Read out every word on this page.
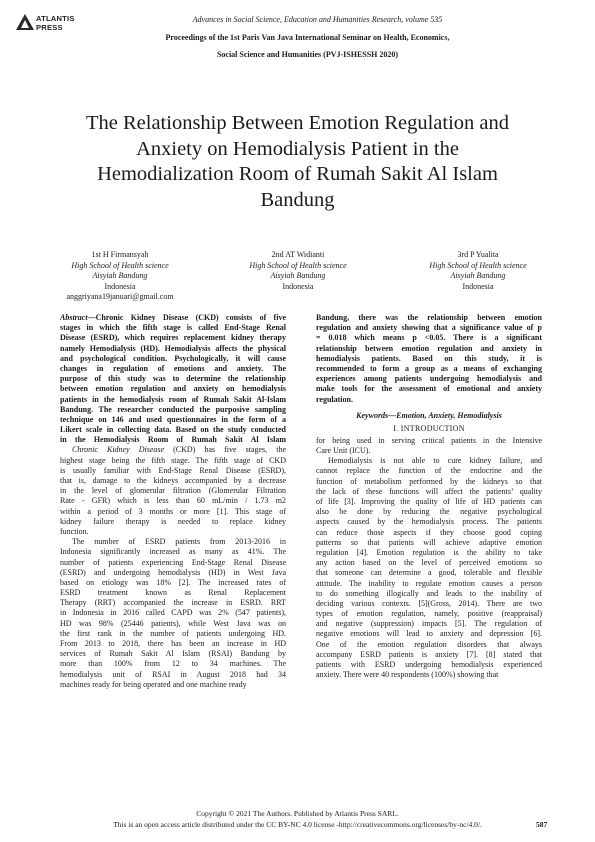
ATLANTIS
PRESS
Advances in Social Science, Education and Humanities Research, volume 535
Proceedings of the 1st Paris Van Java International Seminar on Health, Economics,
Social Science and Humanities (PVJ-ISHESSH 2020)
The Relationship Between Emotion Regulation and
Anxiety on Hemodialysis Patient in the
Hemodialization Room of Rumah Sakit Al Islam
Bandung
1st H Firmansyah
High School of Health science
Aisyiah Bandung
Indonesia
anggriyana19januari@gmail.com
2nd AT Widianti
High School of Health science
Aisyiah Bandung
Indonesia
3rd P Yualita
High School of Health science
Aisyiah Bandung
Indonesia
Abstract—Chronic Kidney Disease (CKD) consists of five
stages in which the fifth stage is called End-Stage Renal
Disease (ESRD), which requires replacement kidney therapy
namely Hemodialysis (HD). Hemodialysis affects the physical
and psychological condition. Psychologically, it will cause
changes in regulation of emotions and anxiety. The
purpose of this study was to determine the relationship
between emotion regulation and anxiety on hemodialysis
patients in the hemodialysis room of Rumah Sakit Al-Islam
Bandung. The researcher conducted the purposive sampling
technique on 146 and used questionnaires in the form of a
Likert scale in collecting data. Based on the study conducted
in the Hemodialysis Room of Rumah Sakit Al Islam
Chronic Kidney Disease (CKD) has five stages, the
highest stage being the fifth stage. The fifth stage of CKD
is usually familiar with End-Stage Renal Disease (ESRD),
that is, damage to the kidneys accompanied by a decrease
in the level of glomerular filtration (Glomerular Filtration
Rate - GFR) which is less than 60 mL/min / 1.73 m2
within a period of 3 months or more [1]. This stage of
kidney failure therapy is needed to replace kidney
function.
The number of ESRD patients from 2013-2016 in
Indonesia significantly increased as many as 41%. The
number of patients experiencing End-Stage Renal Disease
(ESRD) and undergoing hemodialysis (HD) in West Java
based on etiology was 18% [2]. The increased rates of
ESRD treatment known as Renal Replacement
Therapy (RRT) accompanied the increase in ESRD. RRT
in Indonesia in 2016 called CAPD was 2% (547 patients),
HD was 98% (25446 patients), while West Java was on
the first rank in the number of patients undergoing HD.
From 2013 to 2018, there has been an increase in HD
services of Rumah Sakit Al Islam (RSAI) Bandung by
more than 100% from 12 to 34 machines. The
hemodialysis unit of RSAI in August 2018 had 34
machines ready for being operated and one machine ready
Bandung, there was the relationship between emotion
regulation and anxiety showing that a significance value of p
= 0.018 which means p <0.05. There is a significant
relationship between emotion regulation and anxiety in
hemodialysis patients. Based on this study, it is
recommended to form a group as a means of exchanging
experiences among patients undergoing hemodialysis and
make tools for the assessment of emotional and anxiety
regulation.
Keywords—Emotion, Anxiety, Hemodialysis
I. INTRODUCTION
for being used in serving critical patients in the Intensive
Care Unit (ICU).
Hemodialysis is not able to cure kidney failure, and
cannot replace the function of the endocrine and the
function of metabolism performed by the kidneys so that
the lack of these functions will affect the patients’ quality
of life [3]. Improving the quality of life of HD patients can
also be done by reducing the negative psychological
aspects caused by the hemodialysis process. The patients
can reduce those aspects if they choose good coping
patterns so that patients will achieve adaptive emotion
regulation [4]. Emotion regulation is the ability to take
any action based on the level of perceived emotions so
that someone can determine a good, tolerable and flexible
attitude. The inability to regulate emotion causes a person
to do something illogically and leads to the inability of
deciding various contexts. [5](Gross, 2014). There are two
types of emotion regulation, namely, positive (reappraisal)
and negative (suppression) impacts [5]. The regulation of
negative emotions will lead to anxiety and depression [6].
One of the emotion regulation disorders that always
accompany ESRD patients is anxiety [7]. [8] stated that
patients with ESRD undergoing hemodialysis experienced
anxiety. There were 40 respondents (100%) showing that
Copyright © 2021 The Authors. Published by Atlantis Press SARL.
This is an open access article distributed under the CC BY-NC 4.0 license -http://creativecommons.org/licenses/by-nc/4.0/.	587
